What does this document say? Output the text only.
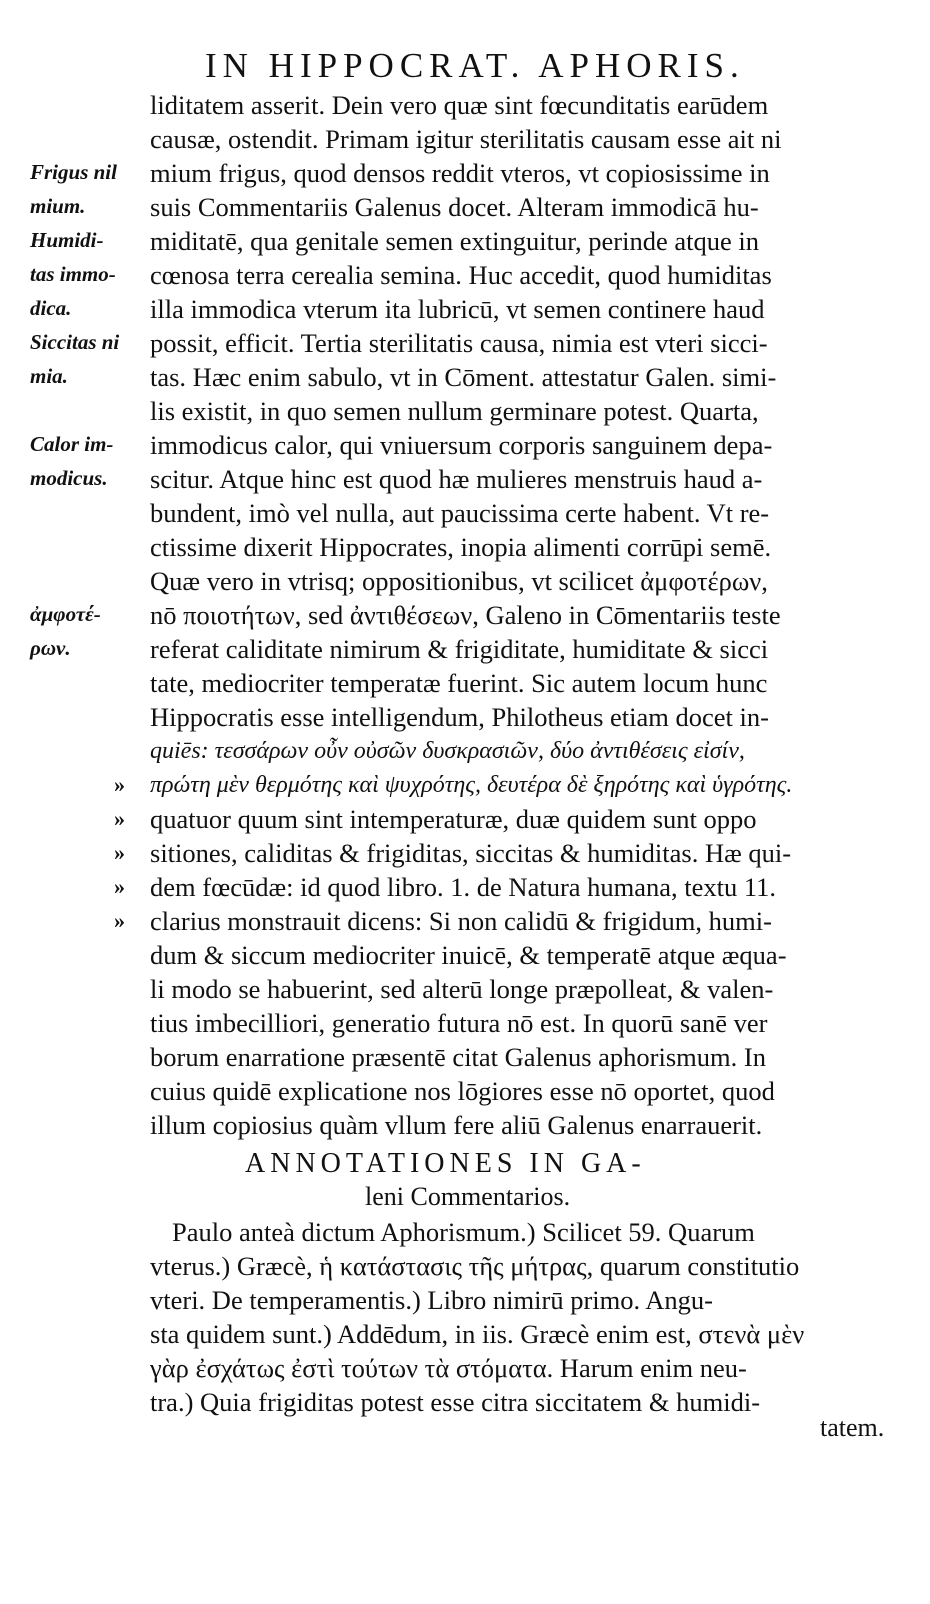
IN HIPPOCRAT. APHORIS.
Frigus nil
mium.
Humidi-
tas immo-
dica.
Siccitas ni
mia.
Calor im-
modicus.
ἀμφοτέ-
ρων.
liditatem asserit. Dein vero quæ sint fœcunditatis earūdem
causæ, ostendit. Primam igitur sterilitatis causam esse ait ni
mium frigus, quod densos reddit vteros, vt copiosissime in
suis Commentariis Galenus docet. Alteram immodicā hu-
miditatē, qua genitale semen extinguitur, perinde atque in
cœnosa terra cerealia semina. Huc accedit, quod humiditas
illa immodica vterum ita lubricū, vt semen continere haud
possit, efficit. Tertia sterilitatis causa, nimia est vteri sicci-
tas. Hæc enim sabulo, vt in Cōment. attestatur Galen. simi-
lis existit, in quo semen nullum germinare potest. Quarta,
immodicus calor, qui vniuersum corporis sanguinem depa-
scitur. Atque hinc est quod hæ mulieres menstruis haud a-
bundent, imò vel nulla, aut paucissima certe habent. Vt re-
ctissime dixerit Hippocrates, inopia alimenti corrūpi semē.
Quæ vero in vtrisq; oppositionibus, vt scilicet ἀμφοτέρων,
nō ποιοτήτων, sed ἀντιθέσεων, Galeno in Cōmentariis teste
referat caliditate nimirum & frigiditate, humiditate & sicci
tate, mediocriter temperatæ fuerint. Sic autem locum hunc
Hippocratis esse intelligendum, Philotheus etiam docet in-
quiēs: τεσσάρων οὖν οὐσῶν δυσκρασιῶν, δύο ἀντιθέσεις εἰσίν,
πρώτη μὲν θερμότης καὶ ψυχρότης, δευτέρα δὲ ξηρότης καὶ ὑγρότης.
quatuor quum sint intemperaturæ, duæ quidem sunt oppo
sitiones, caliditas & frigiditas, siccitas & humiditas. Hæ qui-
dem fœcūdæ: id quod libro. 1. de Natura humana, textu 11.
clarius monstrauit dicens: Si non calidū & frigidum, humi-
dum & siccum mediocriter inuicē, & temperatē atque æqua-
li modo se habuerint, sed alterū longe præpolleat, & valen-
tius imbecilliori, generatio futura nō est. In quorū sanē ver
borum enarratione præsentē citat Galenus aphorismum. In
cuius quidē explicatione nos lōgiores esse nō oportet, quod
illum copiosius quàm vllum fere aliū Galenus enarrauerit.
»
»
»
»
»
ANNOTATIONES IN GA-
leni Commentarios.
Paulo anteà dictum Aphorismum.) Scilicet 59. Quarum
vterus.) Græcè, ἡ κατάστασις τῆς μήτρας, quarum constitutio
vteri. De temperamentis.) Libro nimirū primo. Angu-
sta quidem sunt.) Addēdum, in iis. Græcè enim est, στενὰ μὲν
γὰρ ἐσχάτως ἐστὶ τούτων τὰ στόματα. Harum enim neu-
tra.) Quia frigiditas potest esse citra siccitatem & humidi-
tatem.
